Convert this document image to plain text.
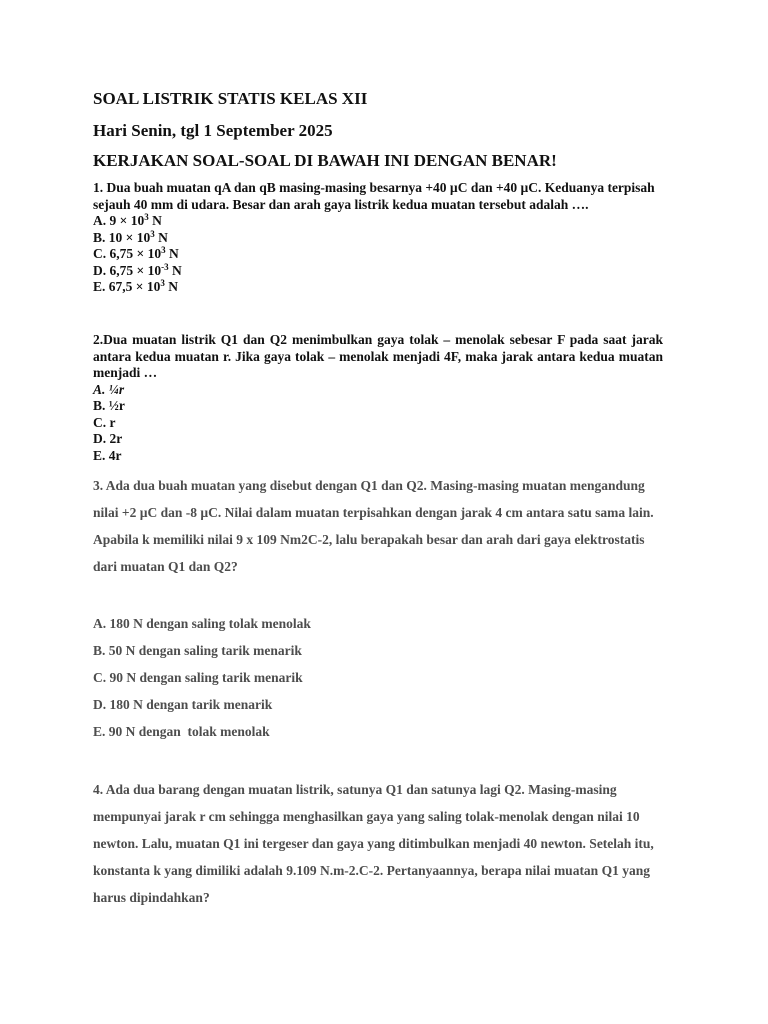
SOAL LISTRIK STATIS KELAS XII
Hari Senin, tgl 1 September 2025
KERJAKAN SOAL-SOAL DI BAWAH INI DENGAN BENAR!

1. Dua buah muatan qA dan qB masing-masing besarnya +40 µC dan +40 µC. Keduanya terpisah sejauh 40 mm di udara. Besar dan arah gaya listrik kedua muatan tersebut adalah ….

A. $9 \times 10^3$ N
B. $10 \times 10^3$ N
C. $6,75 \times 10^3$ N
D. $6,75 \times 10^{-3}$ N
E. $67,5 \times 10^3$ N

2.Dua muatan listrik Q1 dan Q2 menimbulkan gaya tolak – menolak sebesar F pada saat jarak antara kedua muatan r. Jika gaya tolak – menolak menjadi 4F, maka jarak antara kedua muatan menjadi …

A. ¼r
B. ½r
C. r
D. 2r
E. 4r

3. Ada dua buah muatan yang disebut dengan Q1 dan Q2. Masing-masing muatan mengandung nilai +2 µC dan -8 µC. Nilai dalam muatan terpisahkan dengan jarak 4 cm antara satu sama lain. Apabila k memiliki nilai 9 x 109 Nm2C-2, lalu berapakah besar dan arah dari gaya elektrostatis dari muatan Q1 dan Q2?

A. 180 N dengan saling tolak menolak
B. 50 N dengan saling tarik menarik
C. 90 N dengan saling tarik menarik
D. 180 N dengan tarik menarik
E. 90 N dengan  tolak menolak

4. Ada dua barang dengan muatan listrik, satunya Q1 dan satunya lagi Q2. Masing-masing mempunyai jarak r cm sehingga menghasilkan gaya yang saling tolak-menolak dengan nilai 10 newton. Lalu, muatan Q1 ini tergeser dan gaya yang ditimbulkan menjadi 40 newton. Setelah itu, konstanta k yang dimiliki adalah 9.109 N.m-2.C-2. Pertanyaannya, berapa nilai muatan Q1 yang harus dipindahkan?
